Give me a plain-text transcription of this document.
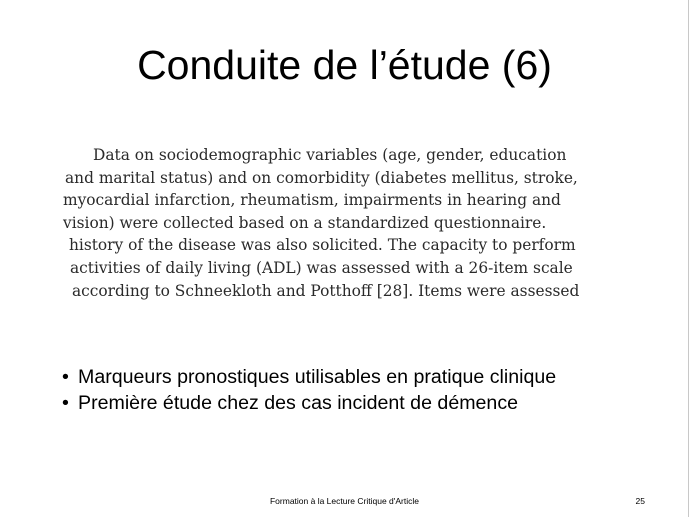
Conduite de l’étude (6)
Data on sociodemographic variables (age, gender, education
and marital status) and on comorbidity (diabetes mellitus, stroke,
myocardial infarction, rheumatism, impairments in hearing and
vision) were collected based on a standardized questionnaire.
history of the disease was also solicited. The capacity to perform
activities of daily living (ADL) was assessed with a 26-item scale
according to Schneekloth and Potthoff [28]. Items were assessed
• Marqueurs pronostiques utilisables en pratique clinique
• Première étude chez des cas incident de démence
Formation à la Lecture Critique d'Article	25
